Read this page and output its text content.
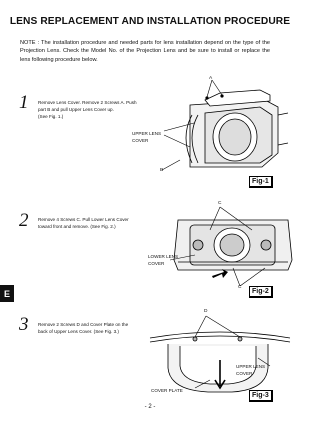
LENS REPLACEMENT AND INSTALLATION PROCEDURE
NOTE : The installation procedure and needed parts for lens installation depend on the type of the Projection Lens. Check the Model No. of the Projection Lens and be sure to install or replace the lens following procedure below.
1 Remove Lens Cover. Remove 2 Screws A. Push
part B and pull Upper Lens Cover up.
(See Fig. 1.)
A
B
UPPER LENS
COVER
Fig-1
2 Remove 4 Screws C. Pull Lower Lens Cover
toward front and remove. (See Fig. 2.)
C
C
LOWER LENS
COVER
Fig-2
E
3 Remove 2 Screws D and Cover Plate on the
back of Upper Lens Cover. (See Fig. 3.)
D
UPPER LENS
COVER
COVER PLATE
Fig-3
- 2 -
